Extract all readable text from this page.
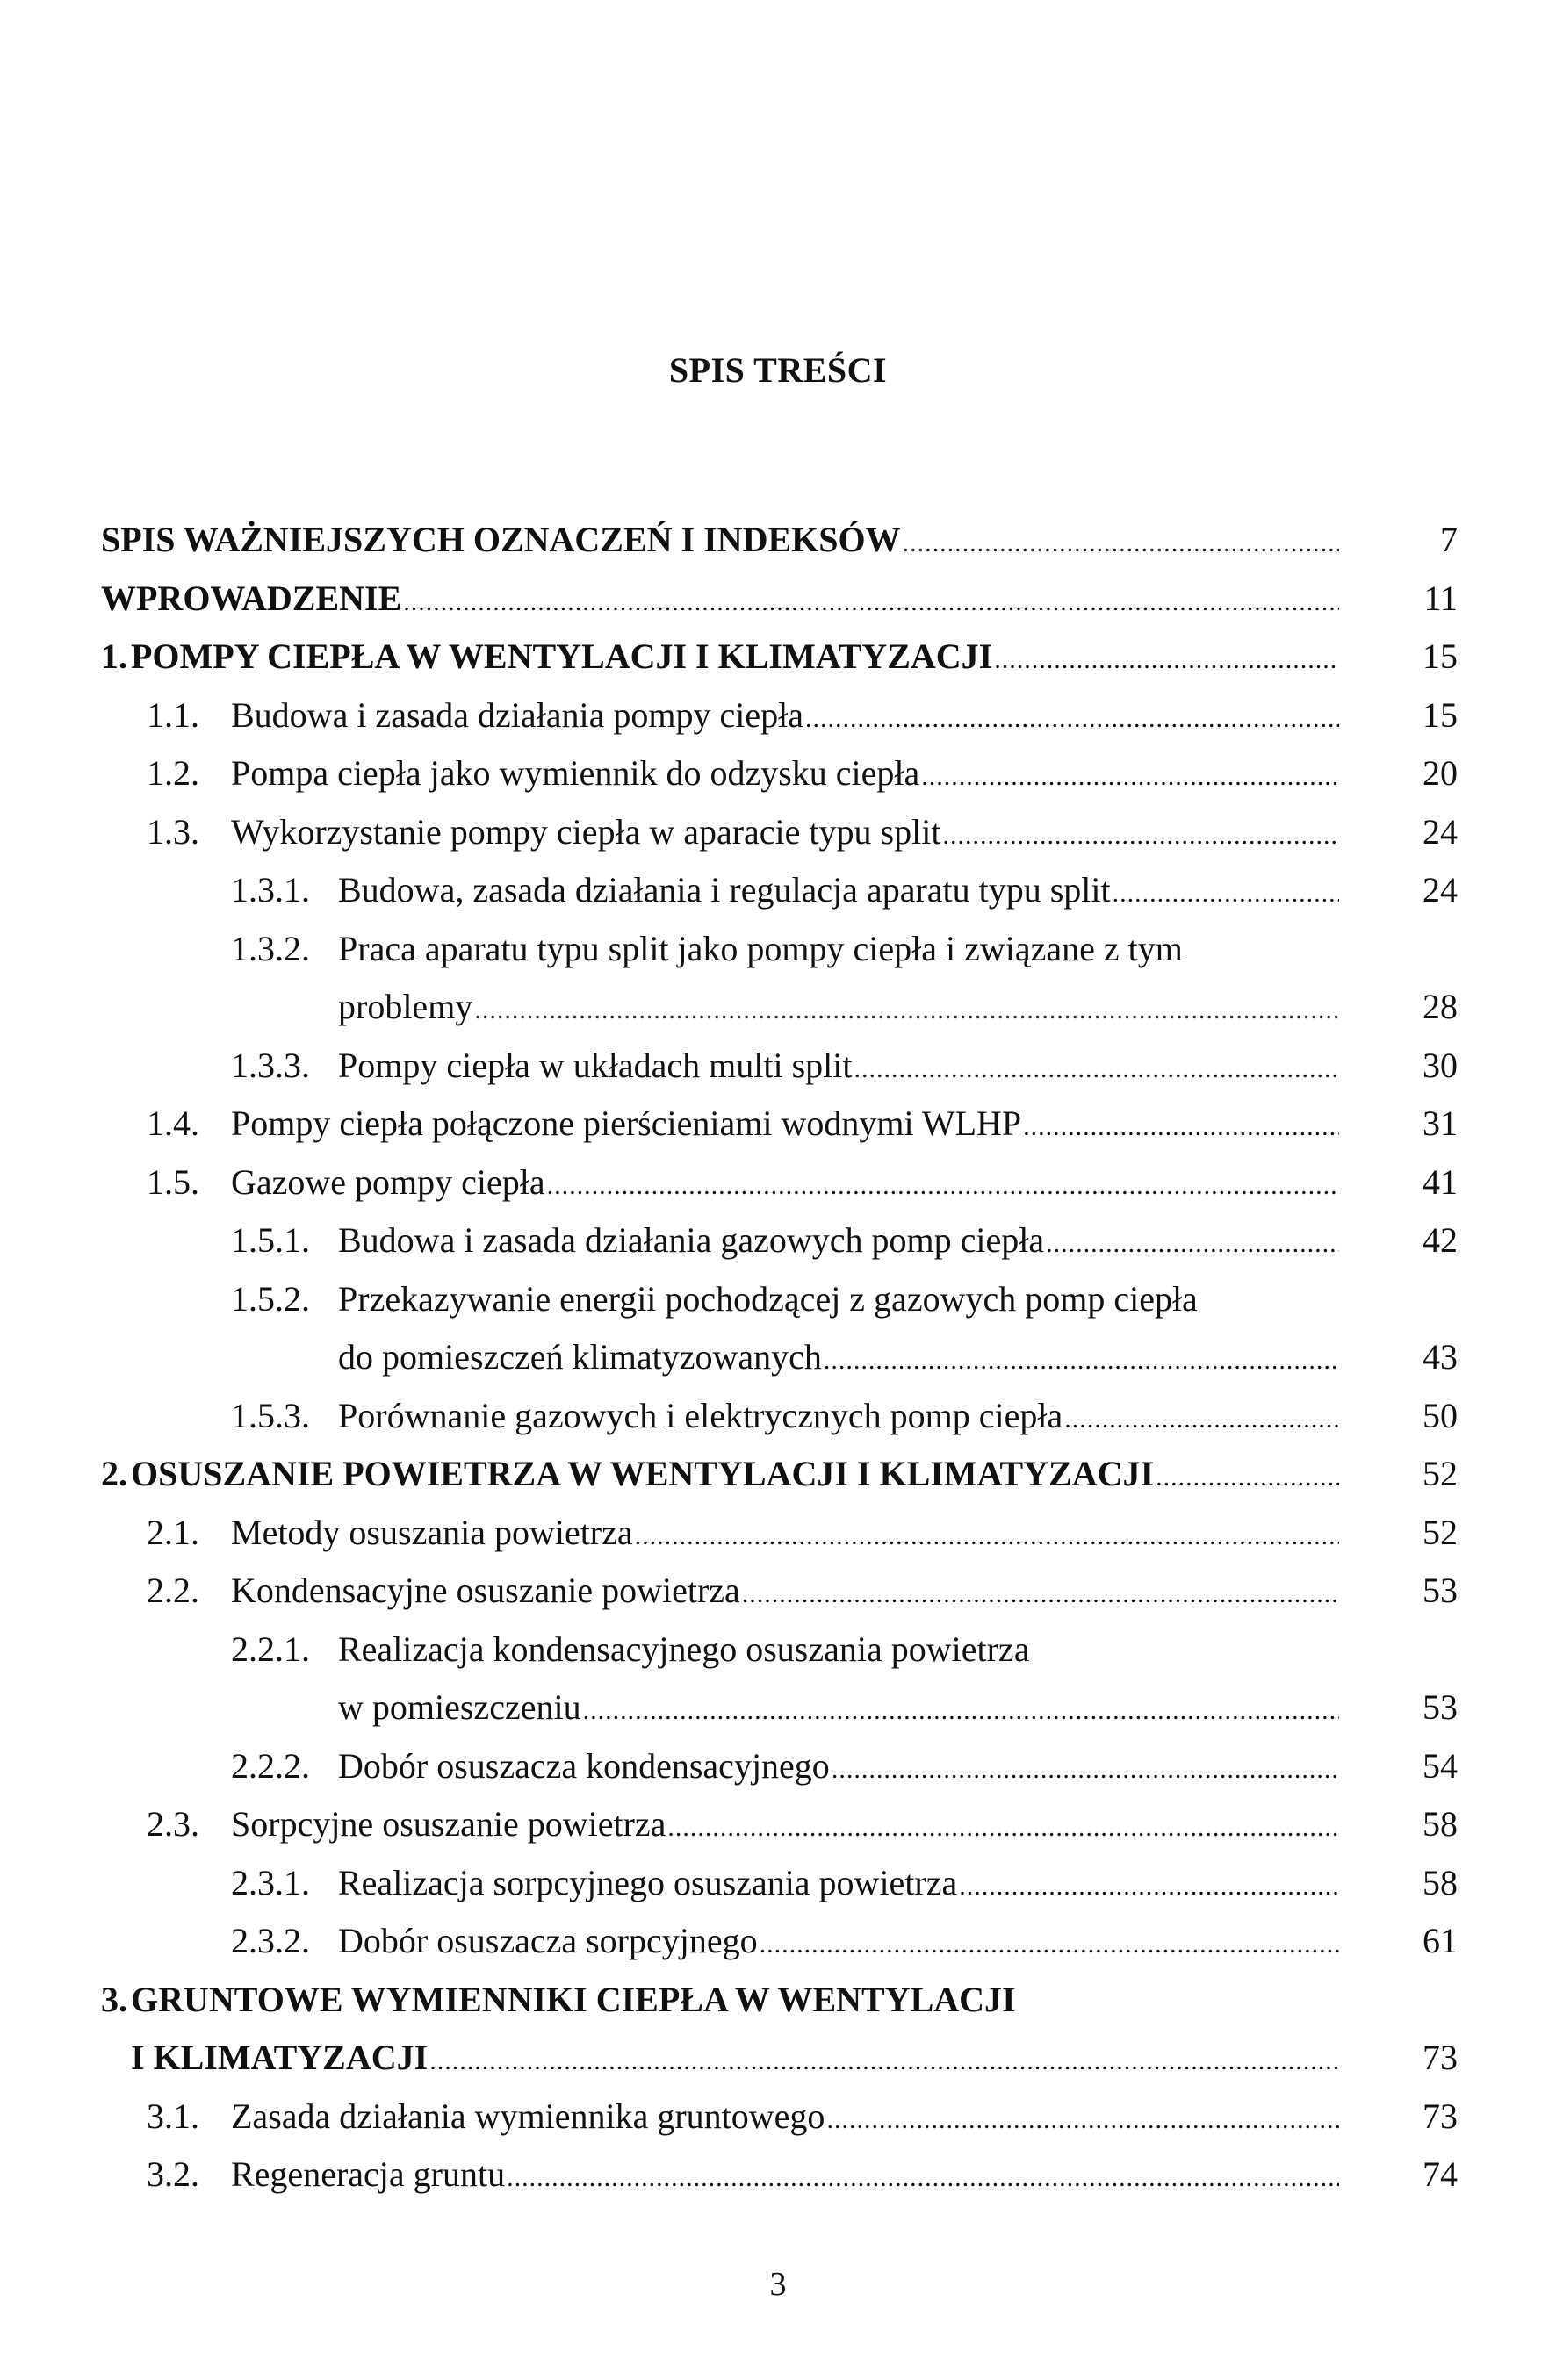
SPIS TREŚCI
SPIS WAŻNIEJSZYCH OZNACZEŃ I INDEKSÓW .....	7
WPROWADZENIE .....	11
1. POMPY CIEPŁA W WENTYLACJI I KLIMATYZACJI .....	15
1.1. Budowa i zasada działania pompy ciepła .....	15
1.2. Pompa ciepła jako wymiennik do odzysku ciepła .....	20
1.3. Wykorzystanie pompy ciepła w aparacie typu split .....	24
1.3.1. Budowa, zasada działania i regulacja aparatu typu split .....	24
1.3.2. Praca aparatu typu split jako pompy ciepła i związane z tym
problemy .....	28
1.3.3. Pompy ciepła w układach multi split .....	30
1.4. Pompy ciepła połączone pierścieniami wodnymi WLHP .....	31
1.5. Gazowe pompy ciepła .....	41
1.5.1. Budowa i zasada działania gazowych pomp ciepła .....	42
1.5.2. Przekazywanie energii pochodzącej z gazowych pomp ciepła
do pomieszczeń klimatyzowanych .....	43
1.5.3. Porównanie gazowych i elektrycznych pomp ciepła .....	50
2. OSUSZANIE POWIETRZA W WENTYLACJI I KLIMATYZACJI .....	52
2.1. Metody osuszania powietrza .....	52
2.2. Kondensacyjne osuszanie powietrza .....	53
2.2.1. Realizacja kondensacyjnego osuszania powietrza
w pomieszczeniu .....	53
2.2.2. Dobór osuszacza kondensacyjnego .....	54
2.3. Sorpcyjne osuszanie powietrza .....	58
2.3.1. Realizacja sorpcyjnego osuszania powietrza .....	58
2.3.2. Dobór osuszacza sorpcyjnego .....	61
3. GRUNTOWE WYMIENNIKI CIEPŁA W WENTYLACJI
I KLIMATYZACJI .....	73
3.1. Zasada działania wymiennika gruntowego .....	73
3.2. Regeneracja gruntu .....	74
3
